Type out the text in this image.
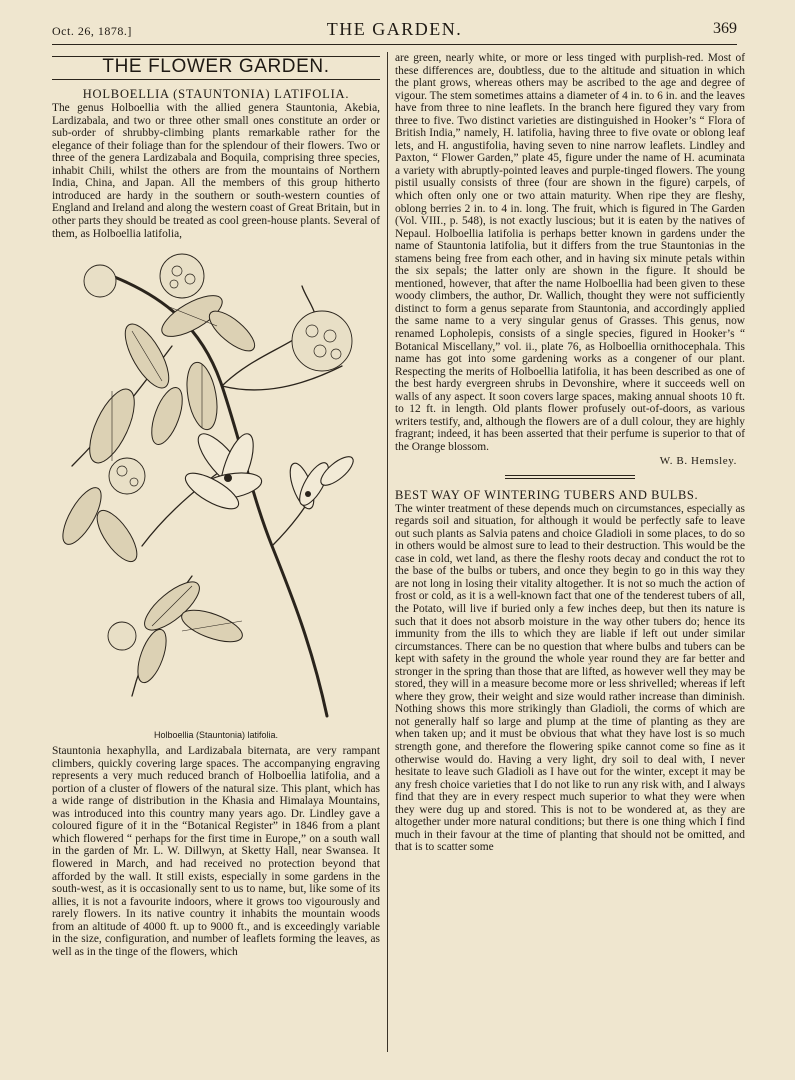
Oct. 26, 1878.]	THE GARDEN.	369
THE FLOWER GARDEN.
HOLBOELLIA (STAUNTONIA) LATIFOLIA.

The genus Holboellia with the allied genera Stauntonia, Akebia, Lardizabala, and two or three other small ones constitute an order or sub-order of shrubby-climbing plants remarkable rather for the elegance of their foliage than for the splendour of their flowers. Two or three of the genera Lardizabala and Boquila, comprising three species, inhabit Chili, whilst the others are from the mountains of Northern India, China, and Japan. All the members of this group hitherto introduced are hardy in the southern or south-western counties of England and Ireland and along the western coast of Great Britain, but in other parts they should be treated as cool green-house plants. Several of them, as Holboellia latifolia,

Holboellia (Stauntonia) latifolia.

Stauntonia hexaphylla, and Lardizabala biternata, are very rampant climbers, quickly covering large spaces. The accompanying engraving represents a very much reduced branch of Holboellia latifolia, and a portion of a cluster of flowers of the natural size. This plant, which has a wide range of distribution in the Khasia and Himalaya Mountains, was introduced into this country many years ago. Dr. Lindley gave a coloured figure of it in the “Botanical Register” in 1846 from a plant which flowered “ perhaps for the first time in Europe,” on a south wall in the garden of Mr. L. W. Dillwyn, at Sketty Hall, near Swansea. It flowered in March, and had received no protection beyond that afforded by the wall. It still exists, especially in some gardens in the south-west, as it is occasionally sent to us to name, but, like some of its allies, it is not a favourite indoors, where it grows too vigourously and rarely flowers. In its native country it inhabits the mountain woods from an altitude of 4000 ft. up to 9000 ft., and is exceedingly variable in the size, configuration, and number of leaflets forming the leaves, as well as in the tinge of the flowers, which

are green, nearly white, or more or less tinged with purplish-red. Most of these differences are, doubtless, due to the altitude and situation in which the plant grows, whereas others may be ascribed to the age and degree of vigour. The stem sometimes attains a diameter of 4 in. to 6 in. and the leaves have from three to nine leaflets. In the branch here figured they vary from three to five. Two distinct varieties are distinguished in Hooker’s “ Flora of British India,” namely, H. latifolia, having three to five ovate or oblong leaf lets, and H. angustifolia, having seven to nine narrow leaflets. Lindley and Paxton, “ Flower Garden,” plate 45, figure under the name of H. acuminata a variety with abruptly-pointed leaves and purple-tinged flowers. The young pistil usually consists of three (four are shown in the figure) carpels, of which often only one or two attain maturity. When ripe they are fleshy, oblong berries 2 in. to 4 in. long. The fruit, which is figured in The Garden (Vol. VIII., p. 548), is not exactly luscious; but it is eaten by the natives of Nepaul. Holboellia latifolia is perhaps better known in gardens under the name of Stauntonia latifolia, but it differs from the true Stauntonias in the stamens being free from each other, and in having six minute petals within the six sepals; the latter only are shown in the figure. It should be mentioned, however, that after the name Holboellia had been given to these woody climbers, the author, Dr. Wallich, thought they were not sufficiently distinct to form a genus separate from Stauntonia, and accordingly applied the same name to a very singular genus of Grasses. This genus, now renamed Lopholepis, consists of a single species, figured in Hooker’s “ Botanical Miscellany,” vol. ii., plate 76, as Holboellia ornithocephala. This name has got into some gardening works as a congener of our plant. Respecting the merits of Holboellia latifolia, it has been described as one of the best hardy evergreen shrubs in Devonshire, where it succeeds well on walls of any aspect. It soon covers large spaces, making annual shoots 10 ft. to 12 ft. in length. Old plants flower profusely out-of-doors, as various writers testify, and, although the flowers are of a dull colour, they are highly fragrant; indeed, it has been asserted that their perfume is superior to that of the Orange blossom.

W. B. Hemsley.
BEST WAY OF WINTERING TUBERS AND BULBS.

The winter treatment of these depends much on circumstances, especially as regards soil and situation, for although it would be perfectly safe to leave out such plants as Salvia patens and choice Gladioli in some places, to do so in others would be almost sure to lead to their destruction. This would be the case in cold, wet land, as there the fleshy roots decay and conduct the rot to the base of the bulbs or tubers, and once they begin to go in this way they are not long in losing their vitality altogether. It is not so much the action of frost or cold, as it is a well-known fact that one of the tenderest tubers of all, the Potato, will live if buried only a few inches deep, but then its nature is such that it does not absorb moisture in the way other tubers do; hence its immunity from the ills to which they are liable if left out under similar circumstances. There can be no question that where bulbs and tubers can be kept with safety in the ground the whole year round they are far better and stronger in the spring than those that are lifted, as however well they may be stored, they will in a measure become more or less shrivelled; whereas if left where they grow, their weight and size would rather increase than diminish. Nothing shows this more strikingly than Gladioli, the corms of which are not generally half so large and plump at the time of planting as they are when taken up; and it must be obvious that what they have lost is so much strength gone, and therefore the flowering spike cannot come so fine as it otherwise would do. Having a very light, dry soil to deal with, I never hesitate to leave such Gladioli as I have out for the winter, except it may be any fresh choice varieties that I do not like to run any risk with, and I always find that they are in every respect much superior to what they were when they were dug up and stored. This is not to be wondered at, as they are altogether under more natural conditions; but there is one thing which I find much in their favour at the time of planting that should not be omitted, and that is to scatter some
